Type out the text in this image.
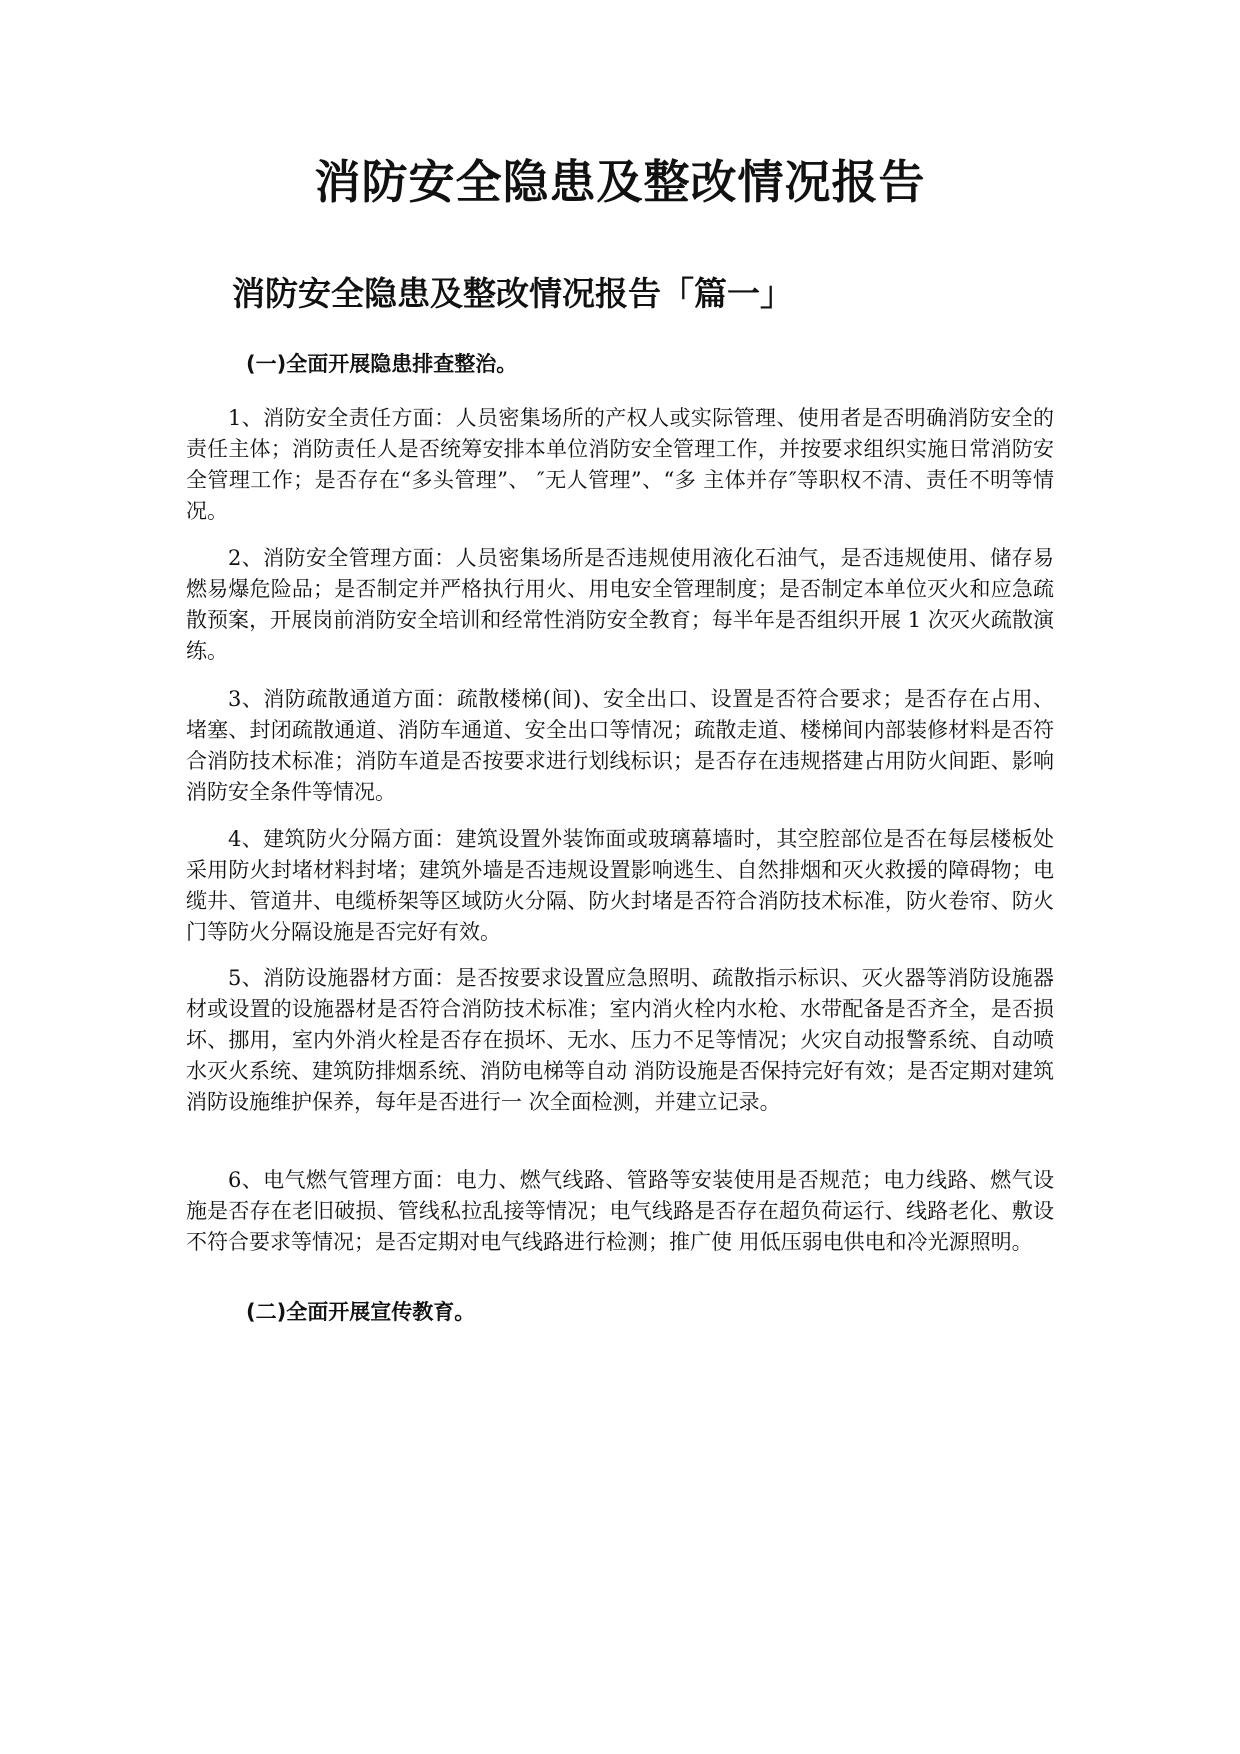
消防安全隐患及整改情况报告
消防安全隐患及整改情况报告「篇一」
(一)全面开展隐患排查整治。
1、消防安全责任方面：人员密集场所的产权人或实际管理、使用者是否明确消防安全的责任主体；消防责任人是否统筹安排本单位消防安全管理工作，并按要求组织实施日常消防安全管理工作；是否存在“多头管理”、 ″无人管理”、“多 主体并存″等职权不清、责任不明等情况。
2、消防安全管理方面：人员密集场所是否违规使用液化石油气，是否违规使用、储存易燃易爆危险品；是否制定并严格执行用火、用电安全管理制度；是否制定本单位灭火和应急疏散预案，开展岗前消防安全培训和经常性消防安全教育；每半年是否组织开展 1 次灭火疏散演练。
3、消防疏散通道方面：疏散楼梯(间)、安全出口、设置是否符合要求；是否存在占用、堵塞、封闭疏散通道、消防车通道、安全出口等情况；疏散走道、楼梯间内部装修材料是否符合消防技术标准；消防车道是否按要求进行划线标识；是否存在违规搭建占用防火间距、影响消防安全条件等情况。
4、建筑防火分隔方面：建筑设置外装饰面或玻璃幕墙时，其空腔部位是否在每层楼板处采用防火封堵材料封堵；建筑外墙是否违规设置影响逃生、自然排烟和灭火救援的障碍物；电缆井、管道井、电缆桥架等区域防火分隔、防火封堵是否符合消防技术标准，防火卷帘、防火门等防火分隔设施是否完好有效。
5、消防设施器材方面：是否按要求设置应急照明、疏散指示标识、灭火器等消防设施器材或设置的设施器材是否符合消防技术标准；室内消火栓内水枪、水带配备是否齐全，是否损坏、挪用，室内外消火栓是否存在损坏、无水、压力不足等情况；火灾自动报警系统、自动喷水灭火系统、建筑防排烟系统、消防电梯等自动 消防设施是否保持完好有效；是否定期对建筑消防设施维护保养，每年是否进行一 次全面检测，并建立记录。
6、电气燃气管理方面：电力、燃气线路、管路等安装使用是否规范；电力线路、燃气设施是否存在老旧破损、管线私拉乱接等情况；电气线路是否存在超负荷运行、线路老化、敷设不符合要求等情况；是否定期对电气线路进行检测；推广使 用低压弱电供电和冷光源照明。
(二)全面开展宣传教育。
